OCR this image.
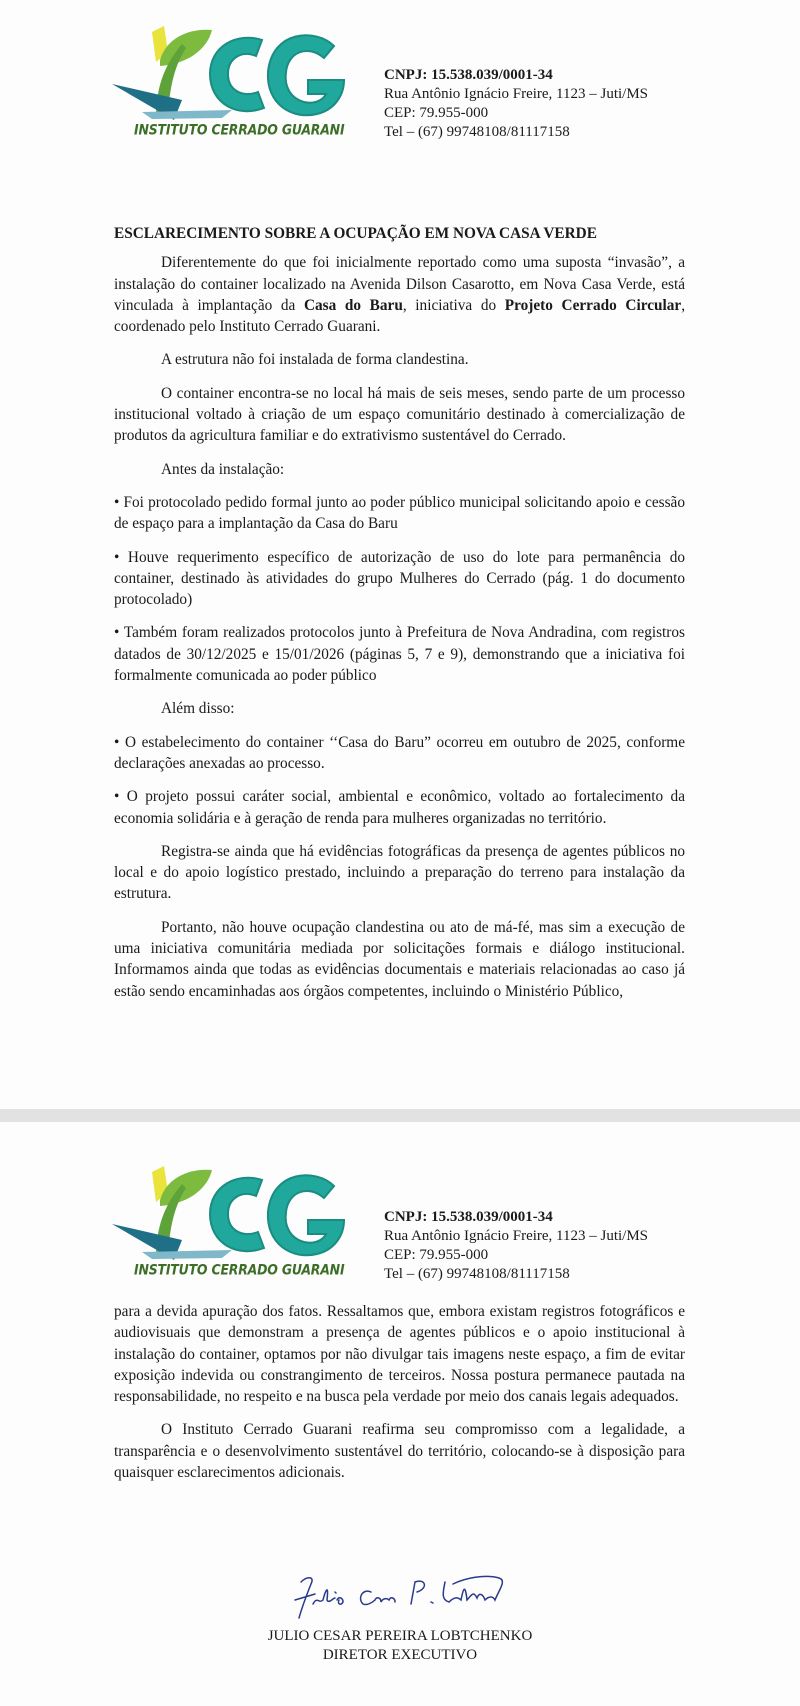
INSTITUTO CERRADO GUARANI
CNPJ: 15.538.039/0001-34
Rua Antônio Ignácio Freire, 1123 – Juti/MS
CEP: 79.955-000
Tel – (67) 99748108/81117158

ESCLARECIMENTO SOBRE A OCUPAÇÃO EM NOVA CASA VERDE

Diferentemente do que foi inicialmente reportado como uma suposta “invasão”, a instalação do container localizado na Avenida Dilson Casarotto, em Nova Casa Verde, está vinculada à implantação da Casa do Baru, iniciativa do Projeto Cerrado Circular, coordenado pelo Instituto Cerrado Guarani.

A estrutura não foi instalada de forma clandestina.

O container encontra-se no local há mais de seis meses, sendo parte de um processo institucional voltado à criação de um espaço comunitário destinado à comercialização de produtos da agricultura familiar e do extrativismo sustentável do Cerrado.

Antes da instalação:

• Foi protocolado pedido formal junto ao poder público municipal solicitando apoio e cessão de espaço para a implantação da Casa do Baru

• Houve requerimento específico de autorização de uso do lote para permanência do container, destinado às atividades do grupo Mulheres do Cerrado (pág. 1 do documento protocolado)

• Também foram realizados protocolos junto à Prefeitura de Nova Andradina, com registros datados de 30/12/2025 e 15/01/2026 (páginas 5, 7 e 9), demonstrando que a iniciativa foi formalmente comunicada ao poder público

Além disso:

• O estabelecimento do container ‘‘Casa do Baru” ocorreu em outubro de 2025, conforme declarações anexadas ao processo.

• O projeto possui caráter social, ambiental e econômico, voltado ao fortalecimento da economia solidária e à geração de renda para mulheres organizadas no território.

Registra-se ainda que há evidências fotográficas da presença de agentes públicos no local e do apoio logístico prestado, incluindo a preparação do terreno para instalação da estrutura.

Portanto, não houve ocupação clandestina ou ato de má-fé, mas sim a execução de uma iniciativa comunitária mediada por solicitações formais e diálogo institucional. Informamos ainda que todas as evidências documentais e materiais relacionadas ao caso já estão sendo encaminhadas aos órgãos competentes, incluindo o Ministério Público,

INSTITUTO CERRADO GUARANI
CNPJ: 15.538.039/0001-34
Rua Antônio Ignácio Freire, 1123 – Juti/MS
CEP: 79.955-000
Tel – (67) 99748108/81117158

para a devida apuração dos fatos. Ressaltamos que, embora existam registros fotográficos e audiovisuais que demonstram a presença de agentes públicos e o apoio institucional à instalação do container, optamos por não divulgar tais imagens neste espaço, a fim de evitar exposição indevida ou constrangimento de terceiros. Nossa postura permanece pautada na responsabilidade, no respeito e na busca pela verdade por meio dos canais legais adequados.

O Instituto Cerrado Guarani reafirma seu compromisso com a legalidade, a transparência e o desenvolvimento sustentável do território, colocando-se à disposição para quaisquer esclarecimentos adicionais.

JULIO CESAR PEREIRA LOBTCHENKO
DIRETOR EXECUTIVO
